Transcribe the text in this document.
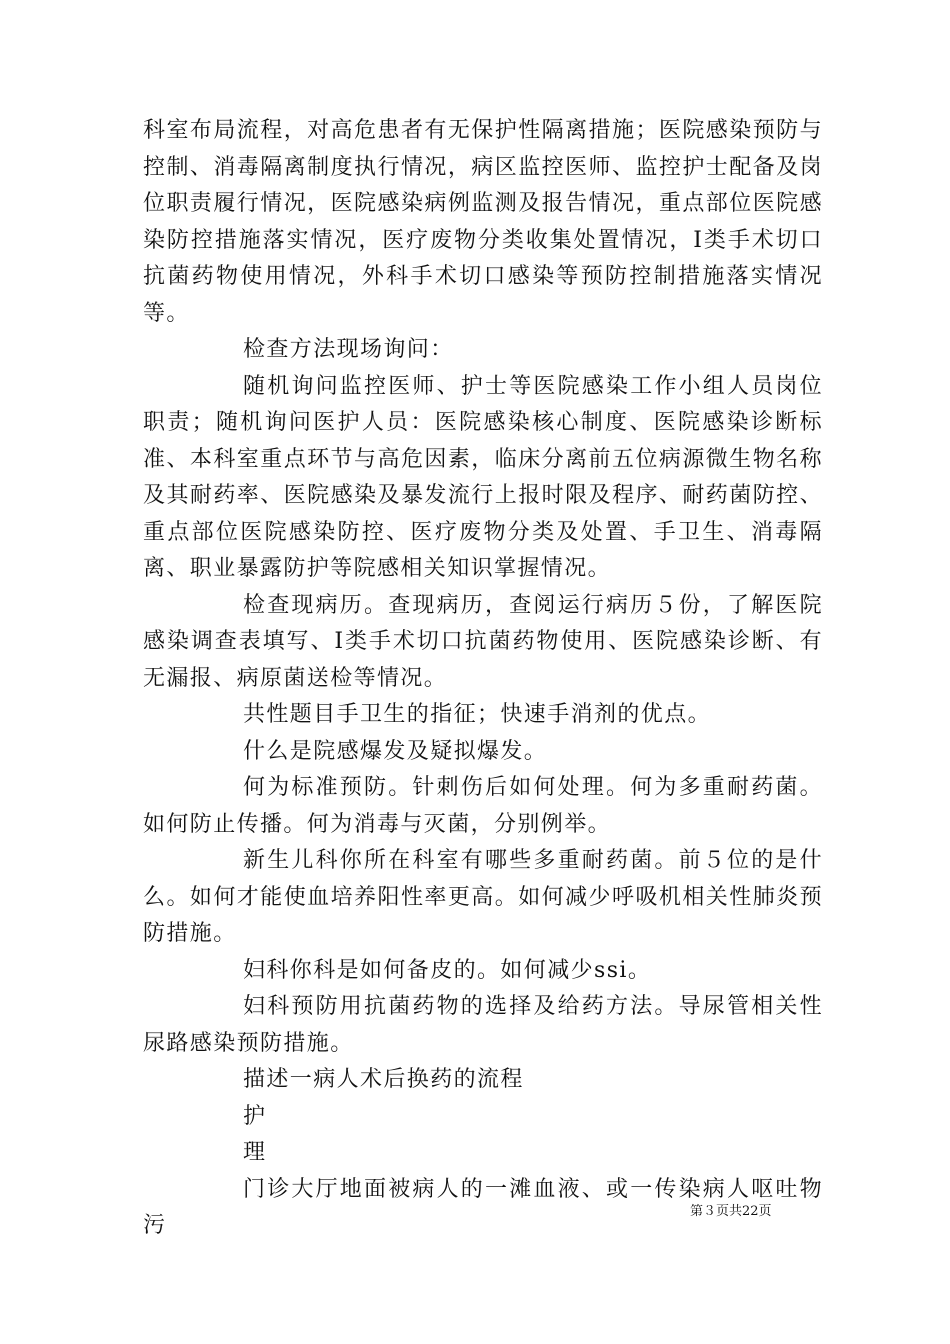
科室布局流程，对高危患者有无保护性隔离措施；医院感染预防与控制、消毒隔离制度执行情况，病区监控医师、监控护士配备及岗位职责履行情况，医院感染病例监测及报告情况，重点部位医院感染防控措施落实情况，医疗废物分类收集处置情况，Ⅰ类手术切口抗菌药物使用情况，外科手术切口感染等预防控制措施落实情况等。

检查方法现场询问：

随机询问监控医师、护士等医院感染工作小组人员岗位职责；随机询问医护人员：医院感染核心制度、医院感染诊断标准、本科室重点环节与高危因素，临床分离前五位病源微生物名称及其耐药率、医院感染及暴发流行上报时限及程序、耐药菌防控、重点部位医院感染防控、医疗废物分类及处置、手卫生、消毒隔离、职业暴露防护等院感相关知识掌握情况。

检查现病历。查现病历，查阅运行病历５份，了解医院感染调查表填写、Ⅰ类手术切口抗菌药物使用、医院感染诊断、有无漏报、病原菌送检等情况。

共性题目手卫生的指征；快速手消剂的优点。

什么是院感爆发及疑拟爆发。

何为标准预防。针刺伤后如何处理。何为多重耐药菌。如何防止传播。何为消毒与灭菌，分别例举。

新生儿科你所在科室有哪些多重耐药菌。前５位的是什么。如何才能使血培养阳性率更高。如何减少呼吸机相关性肺炎预防措施。

妇科你科是如何备皮的。如何减少ssi。

妇科预防用抗菌药物的选择及给药方法。导尿管相关性尿路感染预防措施。

描述一病人术后换药的流程

护

理

门诊大厅地面被病人的一滩血液、或一传染病人呕吐物污

第３页共22页
